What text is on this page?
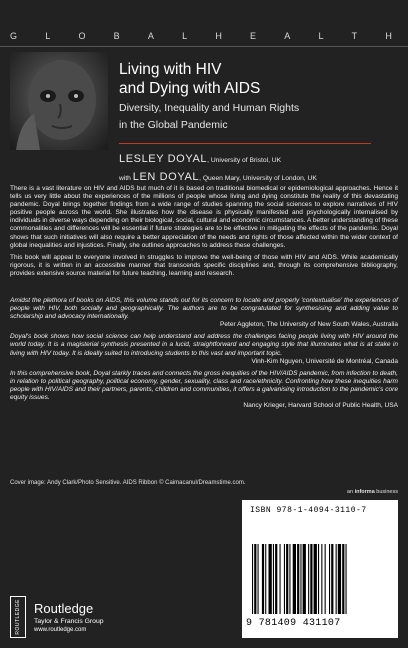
G L O B A L H E A L T H
Living with HIV
and Dying with AIDS
Diversity, Inequality and Human Rights
in the Global Pandemic
LESLEY DOYAL, University of Bristol, UK
with LEN DOYAL, Queen Mary, University of London, UK

There is a vast literature on HIV and AIDS but much of it is based on traditional biomedical or epidemiological approaches. Hence it tells us very little about the experiences of the millions of people whose living and dying constitute the reality of this devastating pandemic. Doyal brings together findings from a wide range of studies spanning the social sciences to explore narratives of HIV positive people across the world. She illustrates how the disease is physically manifested and psychologically internalised by individuals in diverse ways depending on their biological, social, cultural and economic circumstances. A better understanding of these commonalities and differences will be essential if future strategies are to be effective in mitigating the effects of the pandemic. Doyal shows that such initiatives will also require a better appreciation of the needs and rights of those affected within the wider context of global inequalities and injustices. Finally, she outlines approaches to address these challenges.

This book will appeal to everyone involved in struggles to improve the well-being of those with HIV and AIDS. While academically rigorous, it is written in an accessible manner that transcends specific disciplines and, through its comprehensive bibliography, provides extensive source material for future teaching, learning and research.

Amidst the plethora of books on AIDS, this volume stands out for its concern to locate and properly 'contextualise' the experiences of people with HIV, both socially and geographically. The authors are to be congratulated for synthesising and adding value to scholarship and advocacy internationally.
Peter Aggleton, The University of New South Wales, Australia
Doyal's book shows how social science can help understand and address the challenges facing people living with HIV around the world today. It is a magisterial synthesis presented in a lucid, straightforward and engaging style that illuminates what is at stake in living with HIV today. It is ideally suited to introducing students to this vast and important topic.
Vinh-Kim Nguyen, Université de Montréal, Canada
In this comprehensive book, Doyal starkly traces and connects the gross inequities of the HIV/AIDS pandemic, from infection to death, in relation to political geography, political economy, gender, sexuality, class and race/ethnicity. Confronting how these inequities harm people with HIV/AIDS and their partners, parents, children and communities, it offers a galvanising introduction to the pandemic's core equity issues.
Nancy Krieger, Harvard School of Public Health, USA
Cover image: Andy Clark/Photo Sensitive. AIDS Ribbon © Caimacanul/Dreamstime.com.
an informa business
ISBN 978-1-4094-3110-7
9 781409 431107
ROUTLEDGE Routledge
Taylor & Francis Group
www.routledge.com
